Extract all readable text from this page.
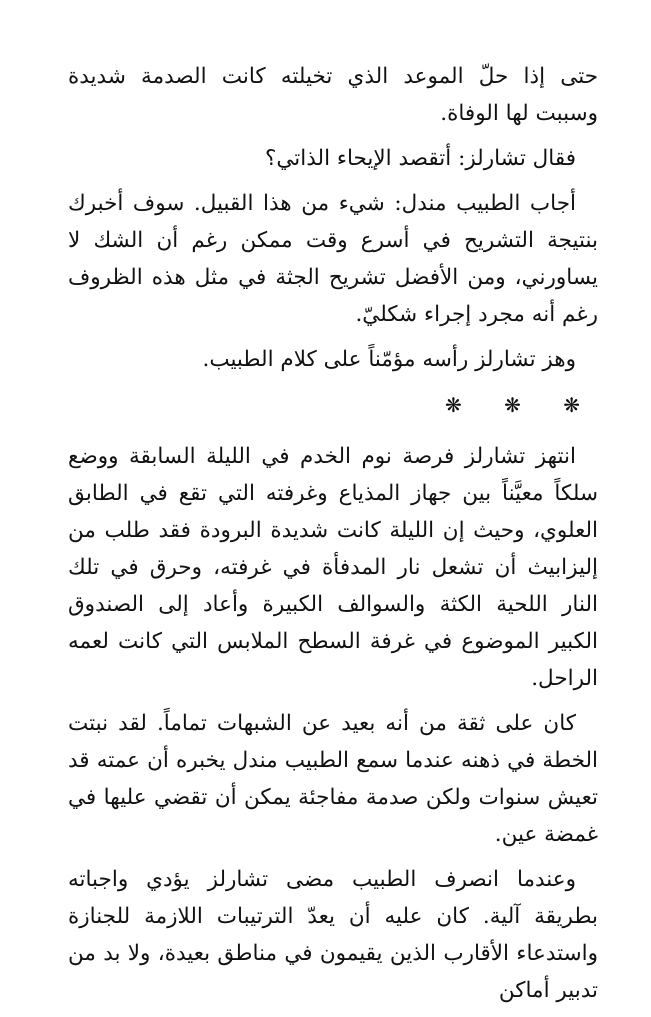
حتى إذا حلّ الموعد الذي تخيلته كانت الصدمة شديدة وسببت لها الوفاة.

فقال تشارلز: أتقصد الإيحاء الذاتي؟

أجاب الطبيب مندل: شيء من هذا القبيل. سوف أخبرك بنتيجة التشريح في أسرع وقت ممكن رغم أن الشك لا يساورني، ومن الأفضل تشريح الجثة في مثل هذه الظروف رغم أنه مجرد إجراء شكليّ.

وهز تشارلز رأسه مؤمّناً على كلام الطبيب.

❋ ❋ ❋

انتهز تشارلز فرصة نوم الخدم في الليلة السابقة ووضع سلكاً معيَّناً بين جهاز المذياع وغرفته التي تقع في الطابق العلوي، وحيث إن الليلة كانت شديدة البرودة فقد طلب من إليزابيث أن تشعل نار المدفأة في غرفته، وحرق في تلك النار اللحية الكثة والسوالف الكبيرة وأعاد إلى الصندوق الكبير الموضوع في غرفة السطح الملابس التي كانت لعمه الراحل.

كان على ثقة من أنه بعيد عن الشبهات تماماً. لقد نبتت الخطة في ذهنه عندما سمع الطبيب مندل يخبره أن عمته قد تعيش سنوات ولكن صدمة مفاجئة يمكن أن تقضي عليها في غمضة عين.

وعندما انصرف الطبيب مضى تشارلز يؤدي واجباته بطريقة آلية. كان عليه أن يعدّ الترتيبات اللازمة للجنازة واستدعاء الأقارب الذين يقيمون في مناطق بعيدة، ولا بد من تدبير أماكن
